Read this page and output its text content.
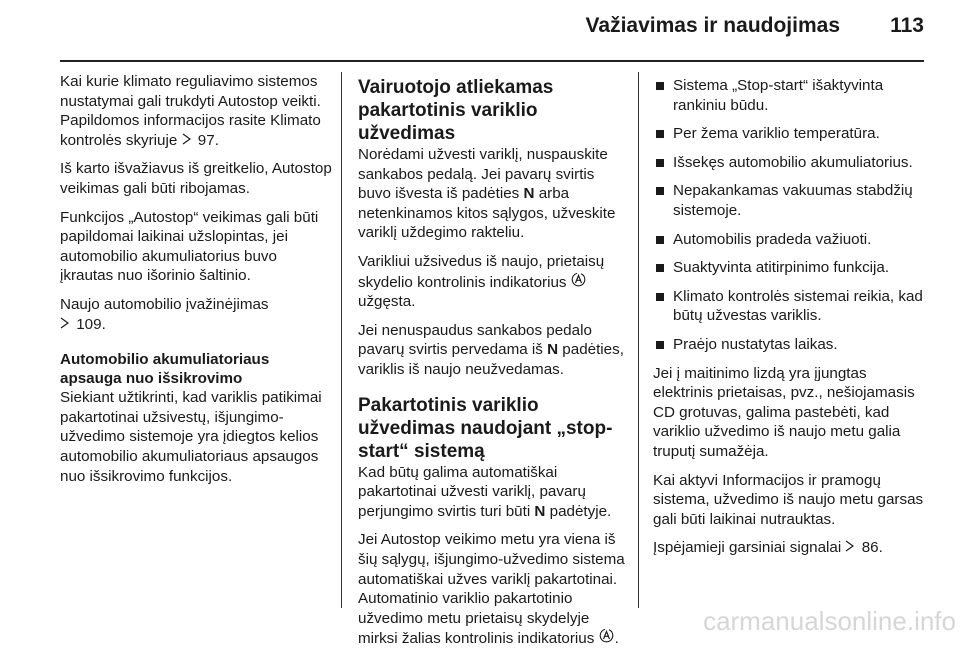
Važiavimas ir naudojimas	113

Kai kurie klimato reguliavimo sistemos nustatymai gali trukdyti Autostop veikti. Papildomos informacijos rasite Klimato kontrolės skyriuje 97.

Iš karto išvažiavus iš greitkelio, Autostop veikimas gali būti ribojamas.

Funkcijos „Autostop“ veikimas gali būti papildomai laikinai užslopintas, jei automobilio akumuliatorius buvo įkrautas nuo išorinio šaltinio.

Naujo automobilio įvažinėjimas
109.

Automobilio akumuliatoriaus apsauga nuo išsikrovimo

Siekiant užtikrinti, kad variklis patikimai pakartotinai užsivestų, išjungimo-užvedimo sistemoje yra įdiegtos kelios automobilio akumuliatoriaus apsaugos nuo išsikrovimo funkcijos.

Vairuotojo atliekamas pakartotinis variklio užvedimas

Norėdami užvesti variklį, nuspauskite sankabos pedalą. Jei pavarų svirtis buvo išvesta iš padėties N arba netenkinamos kitos sąlygos, užveskite variklį uždegimo rakteliu.

Varikliui užsivedus iš naujo, prietaisų skydelio kontrolinis indikatorius
užgęsta.

Jei nenuspaudus sankabos pedalo pavarų svirtis pervedama iš N padėties, variklis iš naujo neužvedamas.

Pakartotinis variklio užvedimas naudojant „stop-start“ sistemą

Kad būtų galima automatiškai pakartotinai užvesti variklį, pavarų perjungimo svirtis turi būti N padėtyje.

Jei Autostop veikimo metu yra viena iš šių sąlygų, išjungimo-užvedimo sistema automatiškai užves variklį pakartotinai. Automatinio variklio pakartotinio užvedimo metu prietaisų skydelyje mirksi žalias kontrolinis indikatorius .

Sistema „Stop-start“ išaktyvinta rankiniu būdu.
Per žema variklio temperatūra.
Išsekęs automobilio akumuliatorius.
Nepakankamas vakuumas stabdžių sistemoje.
Automobilis pradeda važiuoti.
Suaktyvinta atitirpinimo funkcija.
Klimato kontrolės sistemai reikia, kad būtų užvestas variklis.
Praėjo nustatytas laikas.

Jei į maitinimo lizdą yra įjungtas elektrinis prietaisas, pvz., nešiojamasis CD grotuvas, galima pastebėti, kad variklio užvedimo iš naujo metu galia truputį sumažėja.

Kai aktyvi Informacijos ir pramogų sistema, užvedimo iš naujo metu garsas gali būti laikinai nutrauktas.

Įspėjamieji garsiniai signalai 86.

carmanualsonline.info
